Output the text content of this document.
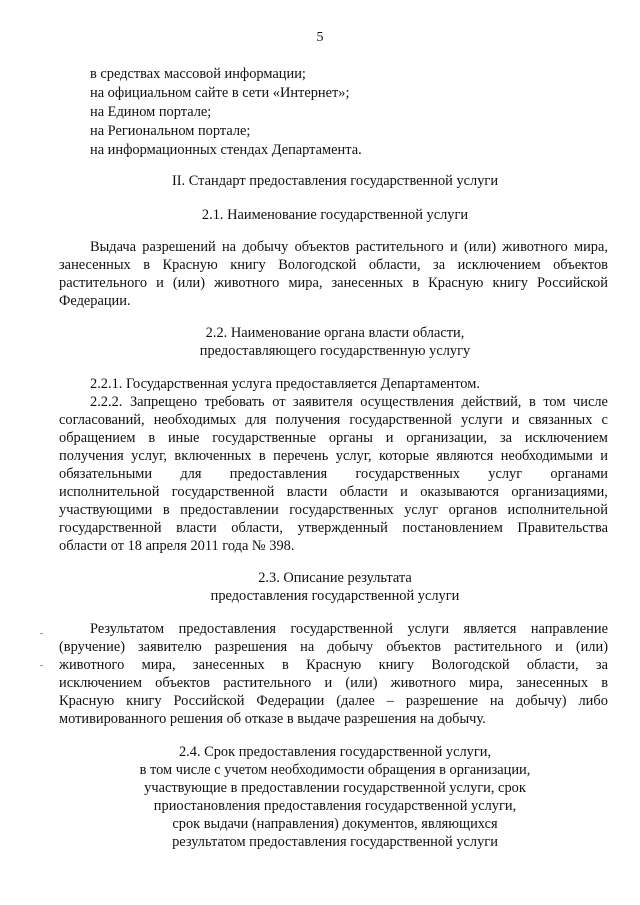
5
в средствах массовой информации;
на официальном сайте в сети «Интернет»;
на Едином портале;
на Региональном портале;
на информационных стендах Департамента.
II. Стандарт предоставления государственной услуги
2.1. Наименование государственной услуги
Выдача разрешений на добычу объектов растительного и (или) животного мира,
занесенных в Красную книгу Вологодской области, за исключением объектов
растительного и (или) животного мира, занесенных в Красную книгу Российской
Федерации.
2.2. Наименование органа власти области,
предоставляющего государственную услугу
2.2.1. Государственная услуга предоставляется Департаментом.
2.2.2. Запрещено требовать от заявителя осуществления действий, в том числе
согласований, необходимых для получения государственной услуги и связанных с
обращением в иные государственные органы и организации, за исключением
получения услуг, включенных в перечень услуг, которые являются необходимыми и
обязательными для предоставления государственных услуг органами
исполнительной государственной власти области и оказываются организациями,
участвующими в предоставлении государственных услуг органов исполнительной
государственной власти области, утвержденный постановлением Правительства
области от 18 апреля 2011 года № 398.
2.3. Описание результата
предоставления государственной услуги
Результатом предоставления государственной услуги является направление
(вручение) заявителю разрешения на добычу объектов растительного и (или)
животного мира, занесенных в Красную книгу Вологодской области, за
исключением объектов растительного и (или) животного мира, занесенных в
Красную книгу Российской Федерации (далее – разрешение на добычу) либо
мотивированного решения об отказе в выдаче разрешения на добычу.
2.4. Срок предоставления государственной услуги,
в том числе с учетом необходимости обращения в организации,
участвующие в предоставлении государственной услуги, срок
приостановления предоставления государственной услуги,
срок выдачи (направления) документов, являющихся
результатом предоставления государственной услуги
